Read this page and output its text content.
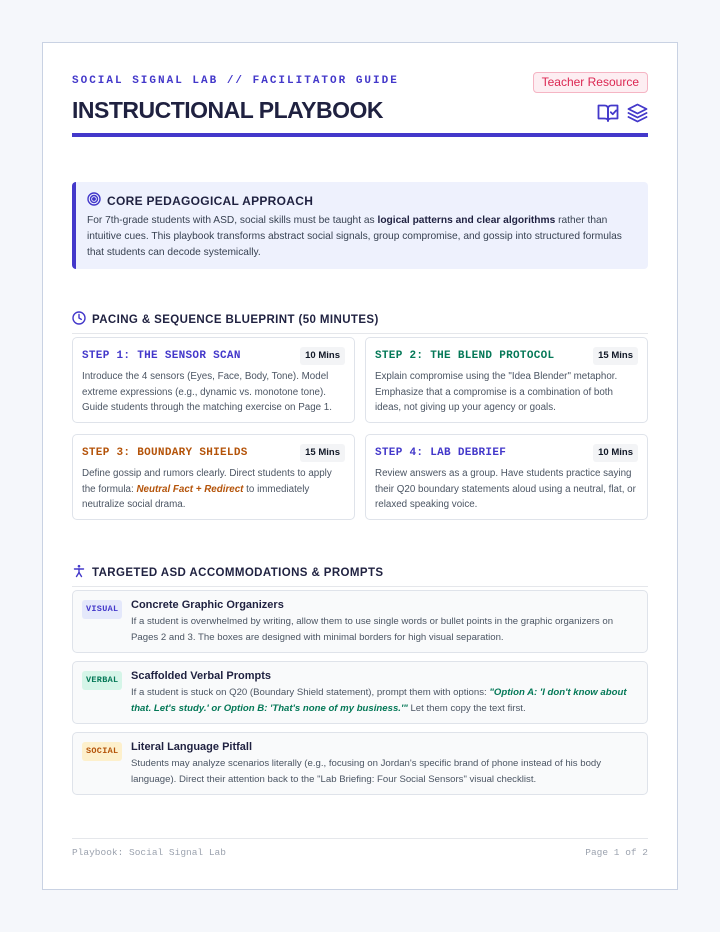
SOCIAL SIGNAL LAB // FACILITATOR GUIDE	Teacher Resource
INSTRUCTIONAL PLAYBOOK
CORE PEDAGOGICAL APPROACH

For 7th-grade students with ASD, social skills must be taught as logical patterns and clear algorithms rather than intuitive cues. This playbook transforms abstract social signals, group compromise, and gossip into structured formulas that students can decode systemically.

PACING & SEQUENCE BLUEPRINT (50 MINUTES)
STEP 1: THE SENSOR SCAN	10 Mins
Introduce the 4 sensors (Eyes, Face, Body, Tone). Model extreme expressions (e.g., dynamic vs. monotone tone). Guide students through the matching exercise on Page 1.
STEP 2: THE BLEND PROTOCOL	15 Mins
Explain compromise using the "Idea Blender" metaphor. Emphasize that a compromise is a combination of both ideas, not giving up your agency or goals.
STEP 3: BOUNDARY SHIELDS	15 Mins
Define gossip and rumors clearly. Direct students to apply the formula: Neutral Fact + Redirect to immediately neutralize social drama.
STEP 4: LAB DEBRIEF	10 Mins
Review answers as a group. Have students practice saying their Q20 boundary statements aloud using a neutral, flat, or relaxed speaking voice.
TARGETED ASD ACCOMMODATIONS & PROMPTS
VISUAL	Concrete Graphic Organizers
If a student is overwhelmed by writing, allow them to use single words or bullet points in the graphic organizers on Pages 2 and 3. The boxes are designed with minimal borders for high visual separation.
VERBAL	Scaffolded Verbal Prompts
If a student is stuck on Q20 (Boundary Shield statement), prompt them with options: "Option A: 'I don't know about that. Let's study.' or Option B: 'That's none of my business.'" Let them copy the text first.
SOCIAL	Literal Language Pitfall
Students may analyze scenarios literally (e.g., focusing on Jordan's specific brand of phone instead of his body language). Direct their attention back to the "Lab Briefing: Four Social Sensors" visual checklist.
Playbook: Social Signal Lab	Page 1 of 2
